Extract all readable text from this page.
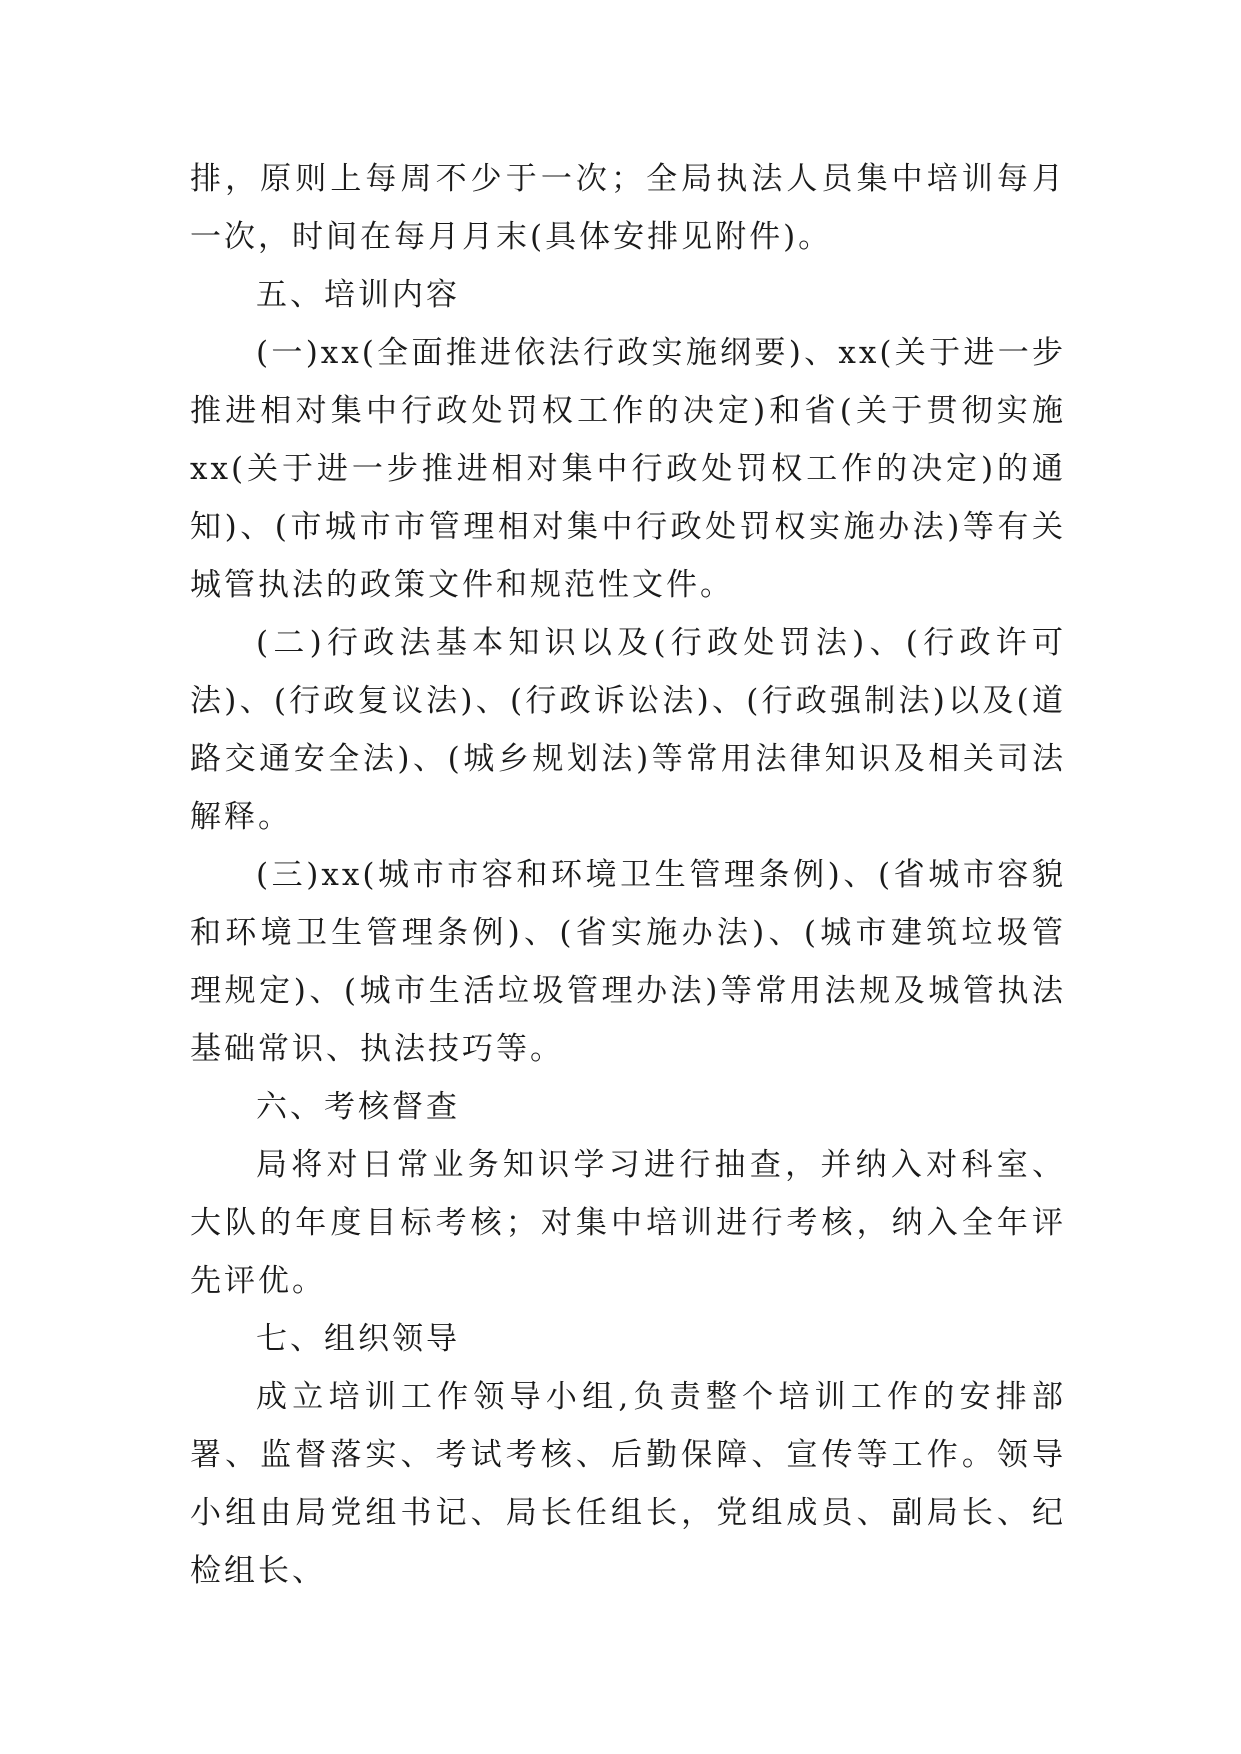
排，原则上每周不少于一次；全局执法人员集中培训每月一次，时间在每月月末(具体安排见附件)。

五、培训内容

(一)xx(全面推进依法行政实施纲要)、xx(关于进一步推进相对集中行政处罚权工作的决定)和省(关于贯彻实施xx(关于进一步推进相对集中行政处罚权工作的决定)的通知)、(市城市市管理相对集中行政处罚权实施办法)等有关城管执法的政策文件和规范性文件。

(二)行政法基本知识以及(行政处罚法)、(行政许可法)、(行政复议法)、(行政诉讼法)、(行政强制法)以及(道路交通安全法)、(城乡规划法)等常用法律知识及相关司法解释。

(三)xx(城市市容和环境卫生管理条例)、(省城市容貌和环境卫生管理条例)、(省实施办法)、(城市建筑垃圾管理规定)、(城市生活垃圾管理办法)等常用法规及城管执法基础常识、执法技巧等。

六、考核督查

局将对日常业务知识学习进行抽查，并纳入对科室、大队的年度目标考核；对集中培训进行考核，纳入全年评先评优。

七、组织领导

成立培训工作领导小组,负责整个培训工作的安排部署、监督落实、考试考核、后勤保障、宣传等工作。领导小组由局党组书记、局长任组长，党组成员、副局长、纪检组长、
